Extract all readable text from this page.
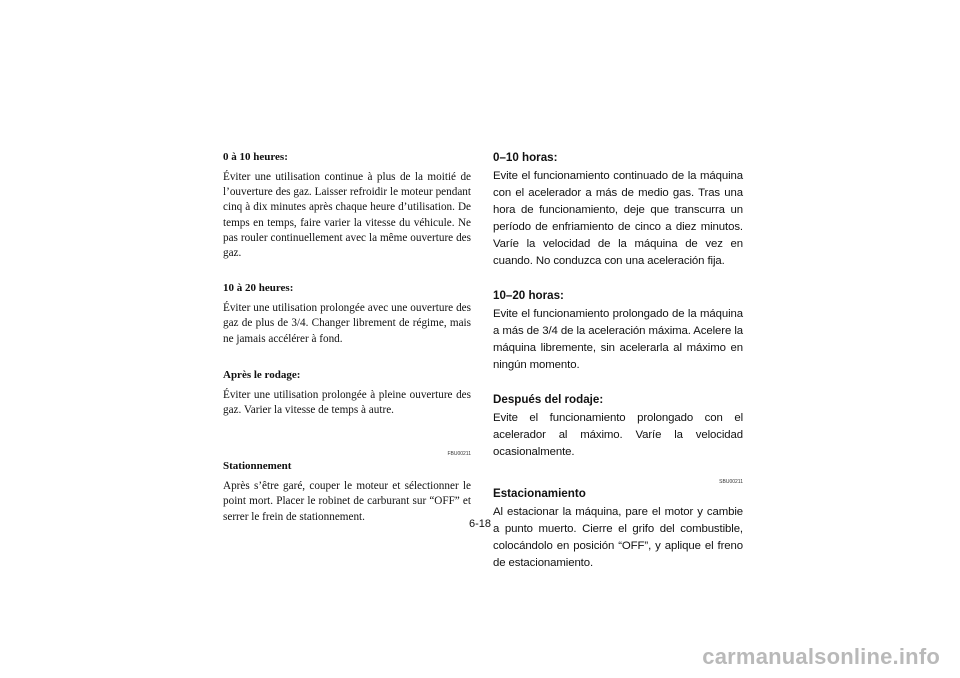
0 à 10 heures:

Éviter une utilisation continue à plus de la moitié de l’ouverture des gaz. Laisser refroidir le moteur pendant cinq à dix minutes après chaque heure d’utilisation. De temps en temps, faire varier la vitesse du véhicule. Ne pas rouler continuellement avec la même ouverture des gaz.

10 à 20 heures:

Éviter une utilisation prolongée avec une ouverture des gaz de plus de 3/4. Changer librement de régime, mais ne jamais accélérer à fond.

Après le rodage:

Éviter une utilisation prolongée à pleine ouverture des gaz. Varier la vitesse de temps à autre.

FBU00211
Stationnement

Après s’être garé, couper le moteur et sélectionner le point mort. Placer le robinet de carburant sur “OFF” et serrer le frein de stationnement.

0–10 horas:

Evite el funcionamiento continuado de la máquina con el acelerador a más de medio gas. Tras una hora de funcionamiento, deje que transcurra un período de enfriamiento de cinco a diez minutos. Varíe la velocidad de la máquina de vez en cuando. No conduzca con una aceleración fija.

10–20 horas:

Evite el funcionamiento prolongado de la máquina a más de 3/4 de la aceleración máxima. Acelere la máquina libremente, sin acelerarla al máximo en ningún momento.

Después del rodaje:

Evite el funcionamiento prolongado con el acelerador al máximo. Varíe la velocidad ocasionalmente.

SBU00211
Estacionamiento

Al estacionar la máquina, pare el motor y cambie a punto muerto. Cierre el grifo del combustible, colocándolo en posición “OFF”, y aplique el freno de estacionamiento.

6-18
carmanualsonline.info
